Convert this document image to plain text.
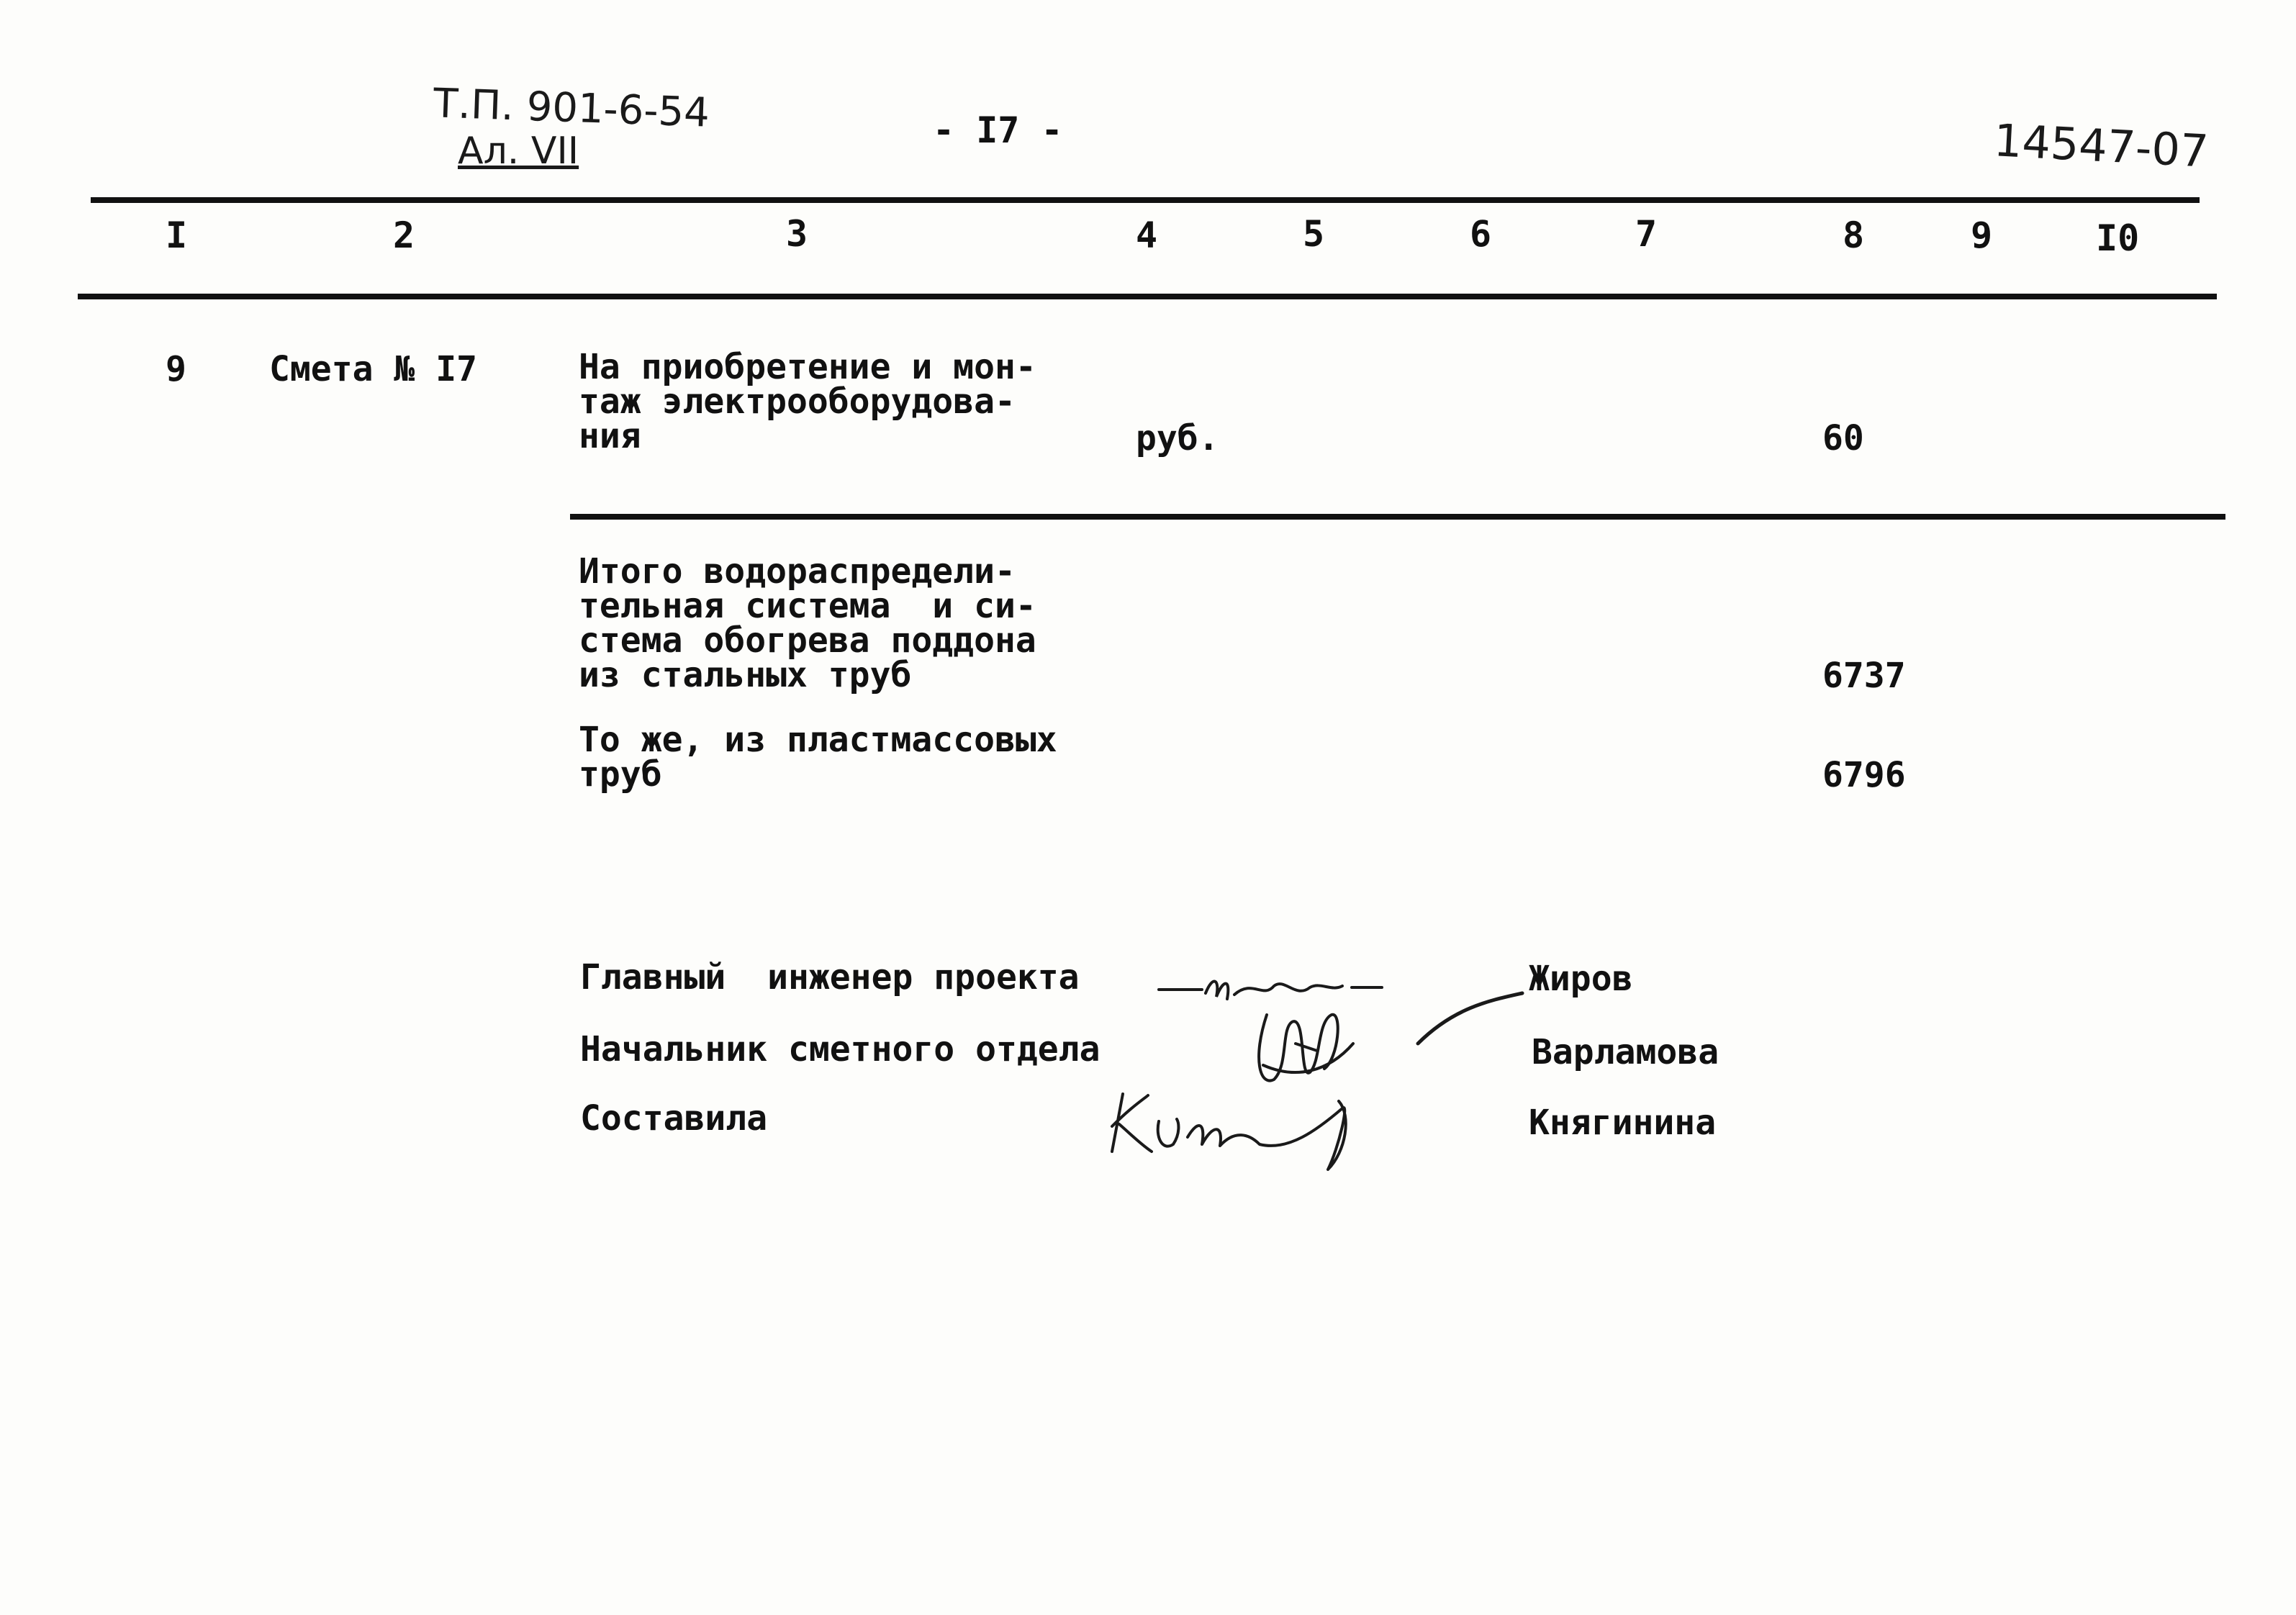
Т.П. 901-6-54
Ал. VII	- I7 -	14547-07
I	2	3	4	5	6	7	8	9	I0
9 Смета № I7	На приобретение и мон-
таж электрооборудова-
ния	руб.	60
Итого водораспредели-
тельная система  и си-
стема обогрева поддона
из стальных труб	6737
То же, из пластмассовых
труб	6796
Главный  инженер проекта
Начальник сметного отдела
Составила
Жиров
Варламова
Княгинина
